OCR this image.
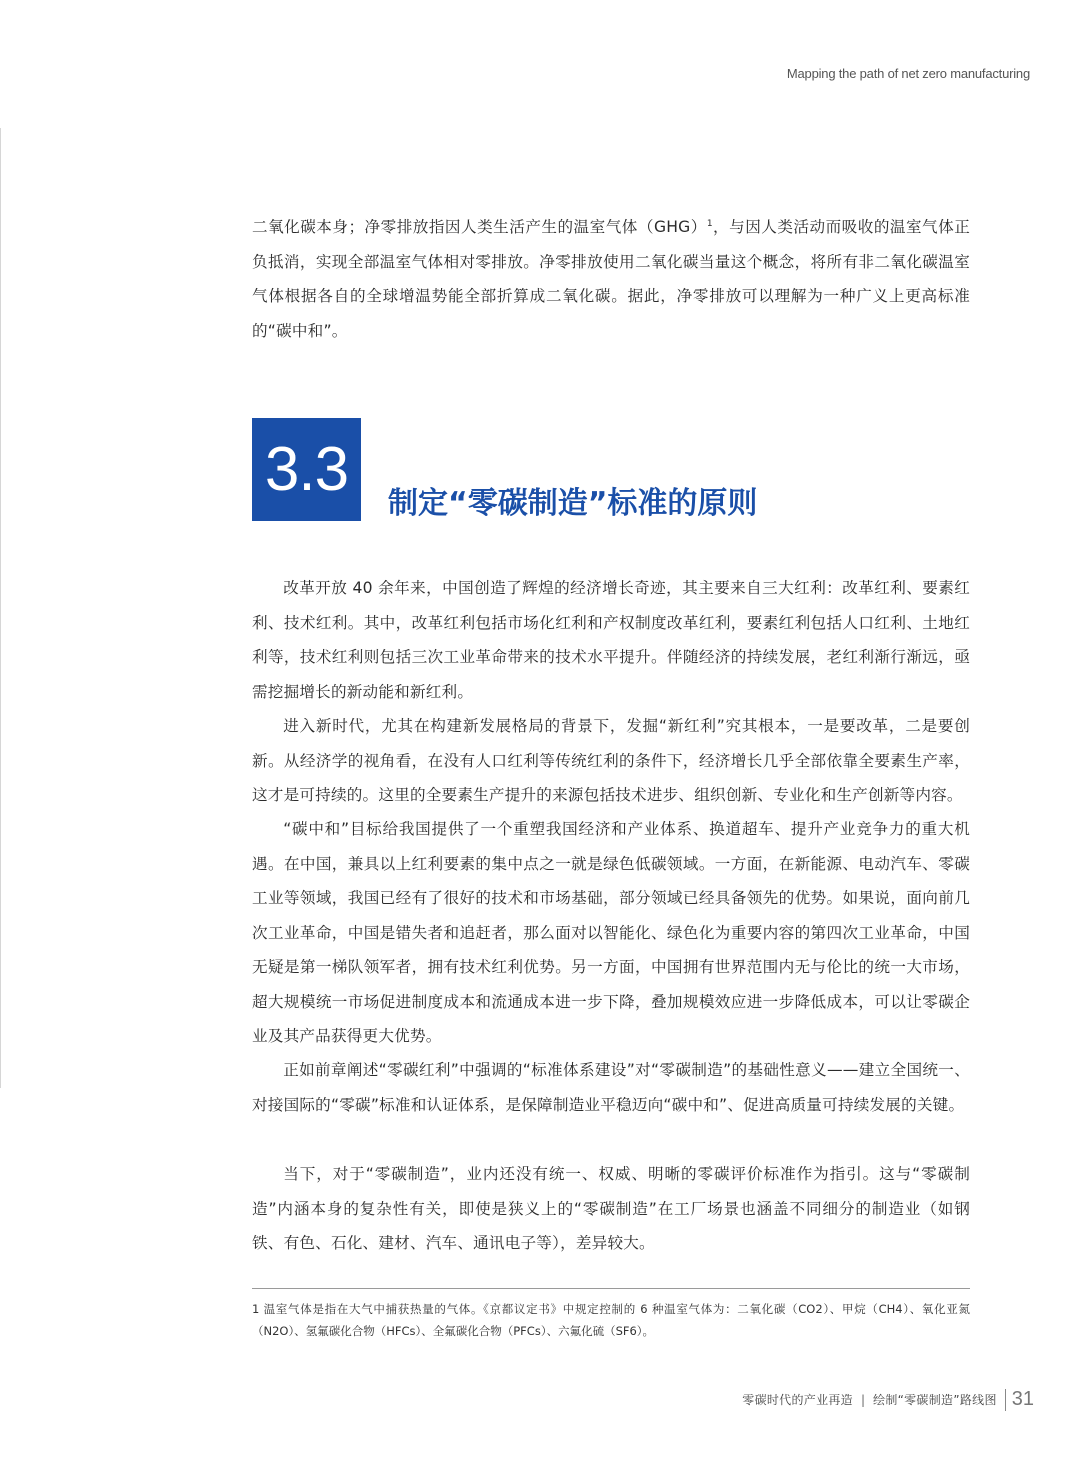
Mapping the path of net zero manufacturing

二氧化碳本身；净零排放指因人类生活产生的温室气体（GHG）$^1$，与因人类活动而吸收的温室气体正负抵消，实现全部温室气体相对零排放。净零排放使用二氧化碳当量这个概念，将所有非二氧化碳温室气体根据各自的全球增温势能全部折算成二氧化碳。据此，净零排放可以理解为一种广义上更高标准的“碳中和”。

3.3	制定“零碳制造”标准的原则

改革开放 40 余年来，中国创造了辉煌的经济增长奇迹，其主要来自三大红利：改革红利、要素红利、技术红利。其中，改革红利包括市场化红利和产权制度改革红利，要素红利包括人口红利、土地红利等，技术红利则包括三次工业革命带来的技术水平提升。伴随经济的持续发展，老红利渐行渐远，亟需挖掘增长的新动能和新红利。

进入新时代，尤其在构建新发展格局的背景下，发掘“新红利”究其根本，一是要改革，二是要创新。从经济学的视角看，在没有人口红利等传统红利的条件下，经济增长几乎全部依靠全要素生产率，这才是可持续的。这里的全要素生产提升的来源包括技术进步、组织创新、专业化和生产创新等内容。

“碳中和”目标给我国提供了一个重塑我国经济和产业体系、换道超车、提升产业竞争力的重大机遇。在中国，兼具以上红利要素的集中点之一就是绿色低碳领域。一方面，在新能源、电动汽车、零碳工业等领域，我国已经有了很好的技术和市场基础，部分领域已经具备领先的优势。如果说，面向前几次工业革命，中国是错失者和追赶者，那么面对以智能化、绿色化为重要内容的第四次工业革命，中国无疑是第一梯队领军者，拥有技术红利优势。另一方面，中国拥有世界范围内无与伦比的统一大市场，超大规模统一市场促进制度成本和流通成本进一步下降，叠加规模效应进一步降低成本，可以让零碳企业及其产品获得更大优势。

正如前章阐述“零碳红利”中强调的“标准体系建设”对“零碳制造”的基础性意义——建立全国统一、对接国际的“零碳”标准和认证体系，是保障制造业平稳迈向“碳中和”、促进高质量可持续发展的关键。

当下，对于“零碳制造”，业内还没有统一、权威、明晰的零碳评价标准作为指引。这与“零碳制造”内涵本身的复杂性有关，即使是狭义上的“零碳制造”在工厂场景也涵盖不同细分的制造业（如钢铁、有色、石化、建材、汽车、通讯电子等），差异较大。

1 温室气体是指在大气中捕获热量的气体。《京都议定书》中规定控制的 6 种温室气体为：二氧化碳（CO2）、甲烷（CH4）、氧化亚氮（N2O）、氢氟碳化合物（HFCs）、全氟碳化合物（PFCs）、六氟化硫（SF6）。

零碳时代的产业再造 | 绘制“零碳制造”路线图 31
